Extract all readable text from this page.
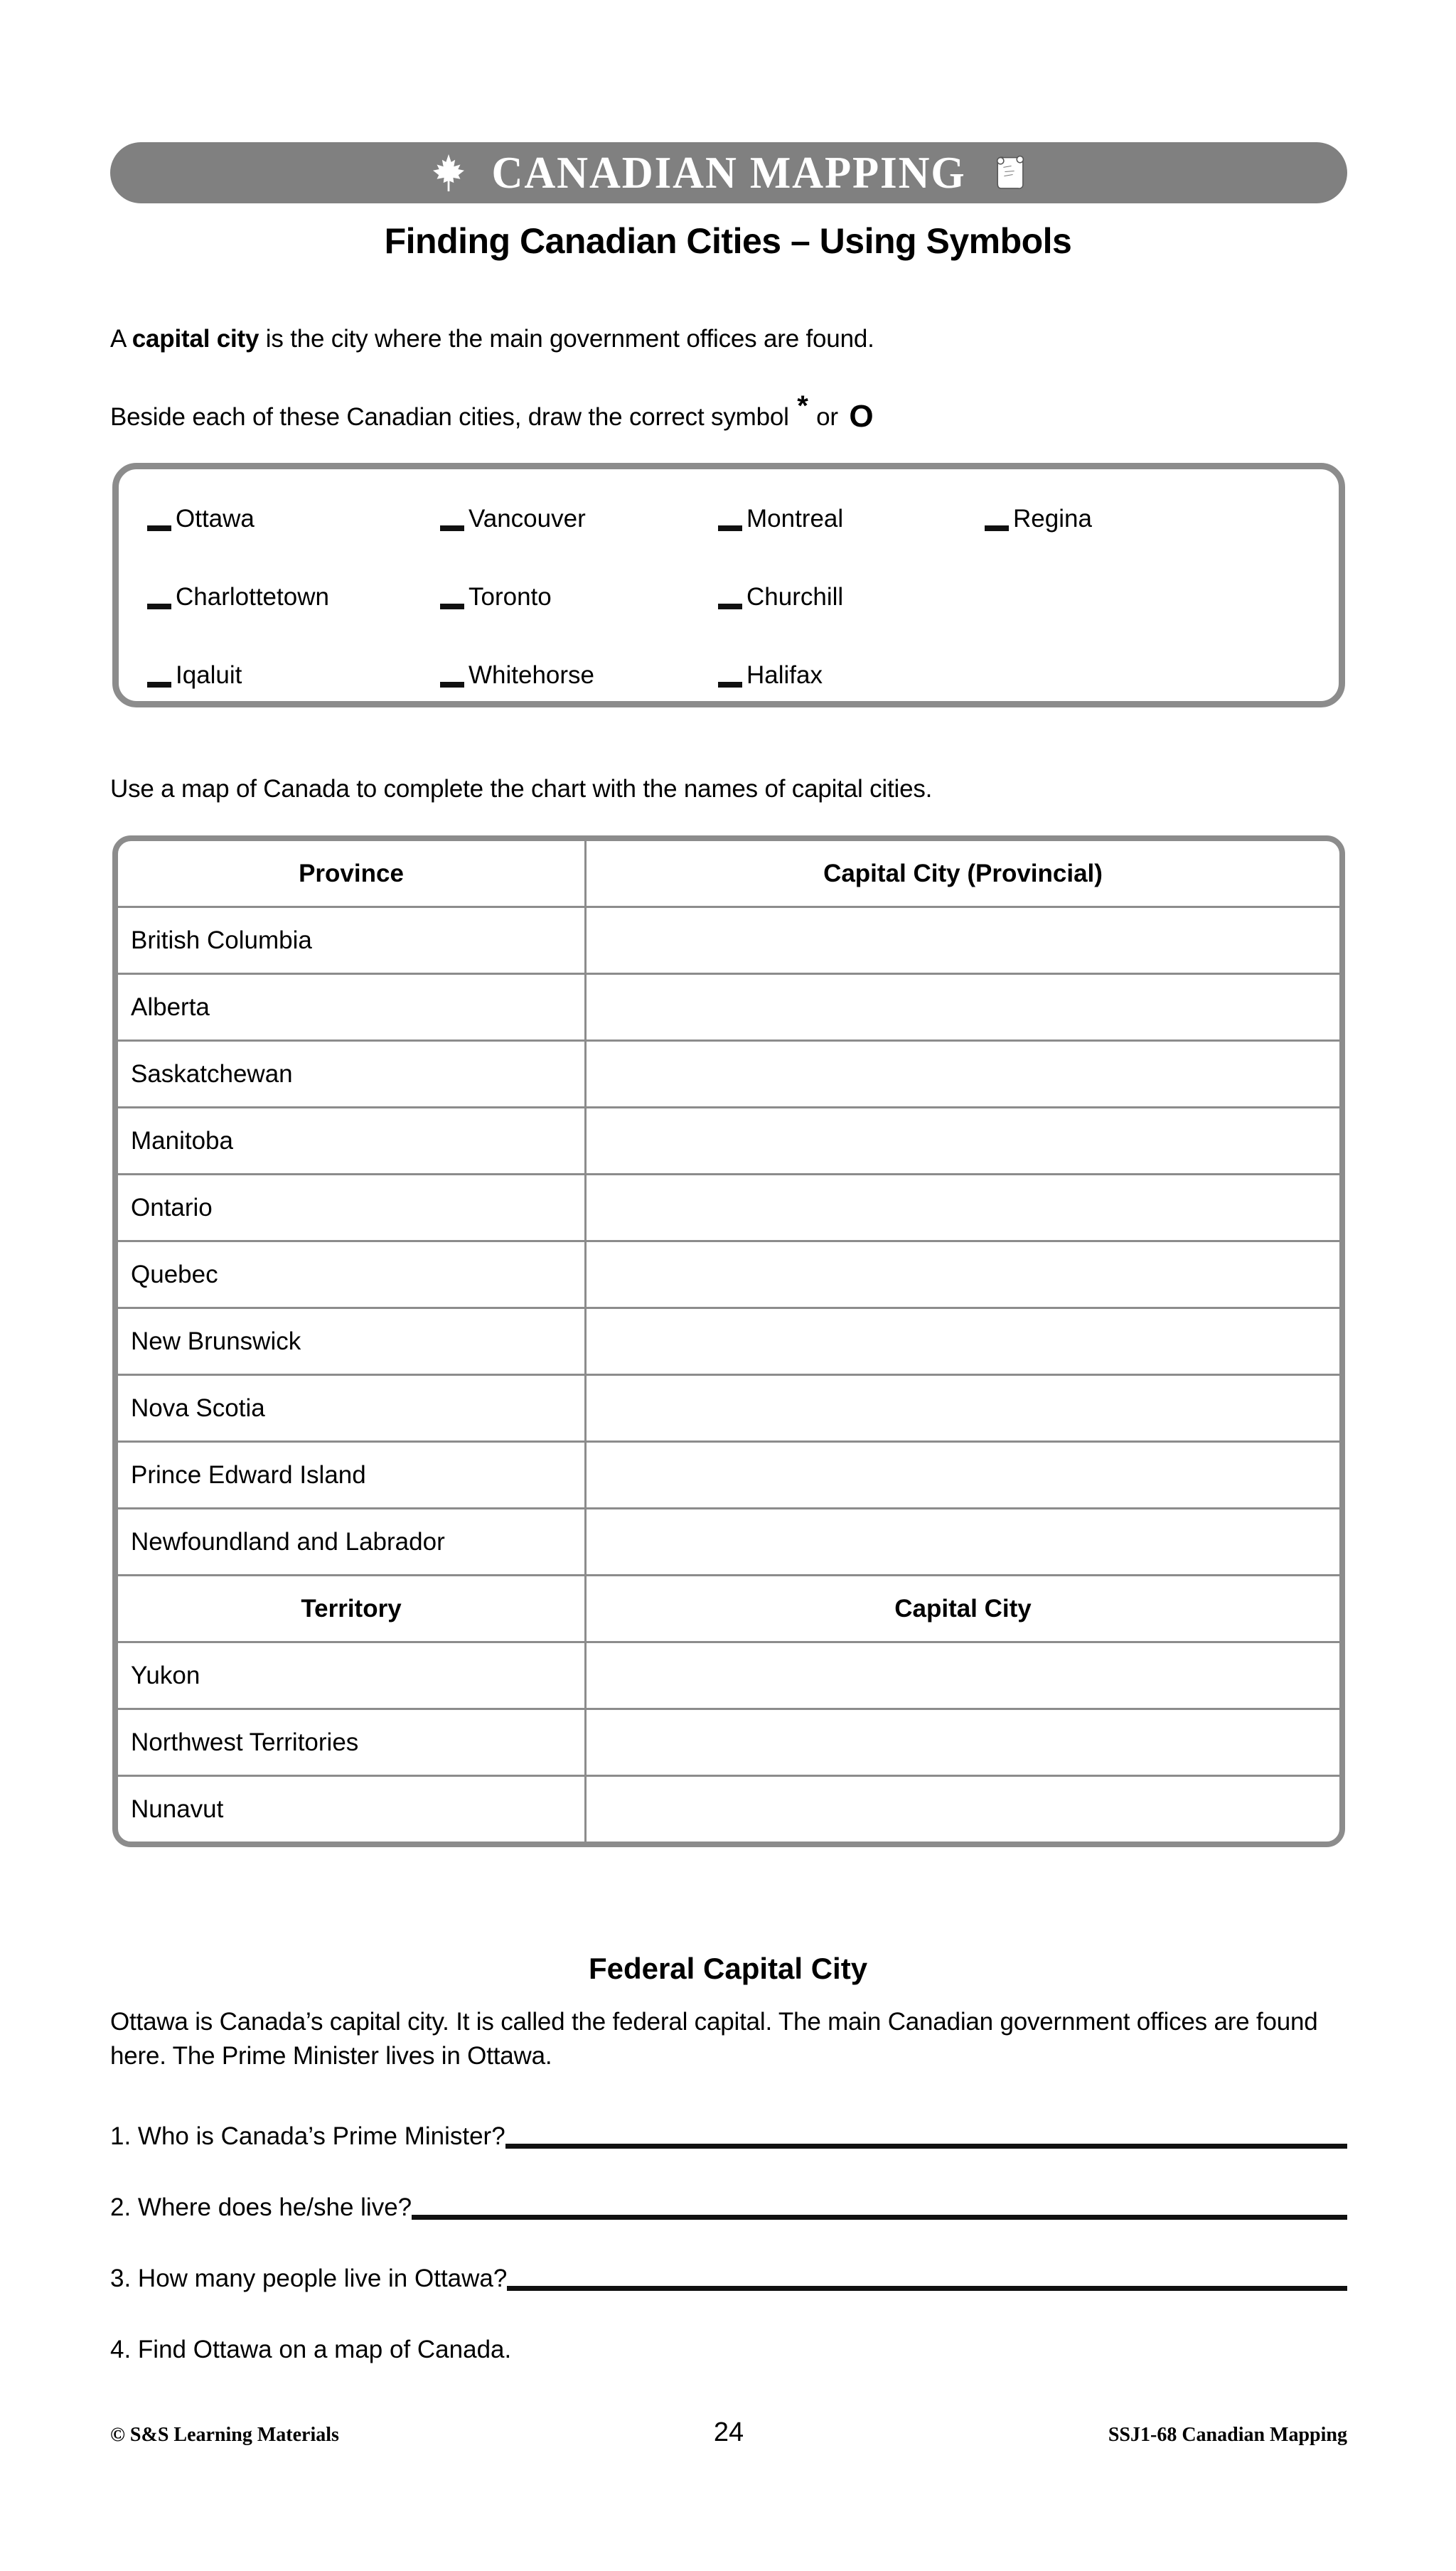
CANADIAN MAPPING
Finding Canadian Cities – Using Symbols
A capital city is the city where the main government offices are found.
Beside each of these Canadian cities, draw the correct symbol * or O
Ottawa	Vancouver	Montreal	Regina
Charlottetown	Toronto	Churchill
Iqaluit	Whitehorse	Halifax
Use a map of Canada to complete the chart with the names of capital cities.
Province	Capital City (Provincial)
British Columbia	
Alberta	
Saskatchewan	
Manitoba	
Ontario	
Quebec	
New Brunswick	
Nova Scotia	
Prince Edward Island	
Newfoundland and Labrador	
Territory	Capital City
Yukon	
Northwest Territories	
Nunavut	
Federal Capital City
Ottawa is Canada’s capital city. It is called the federal capital. The main Canadian government offices are found here. The Prime Minister lives in Ottawa.
1. Who is Canada’s Prime Minister?
2. Where does he/she live?
3. How many people live in Ottawa?
4. Find Ottawa on a map of Canada.
© S&S Learning Materials	24	SSJ1-68 Canadian Mapping
